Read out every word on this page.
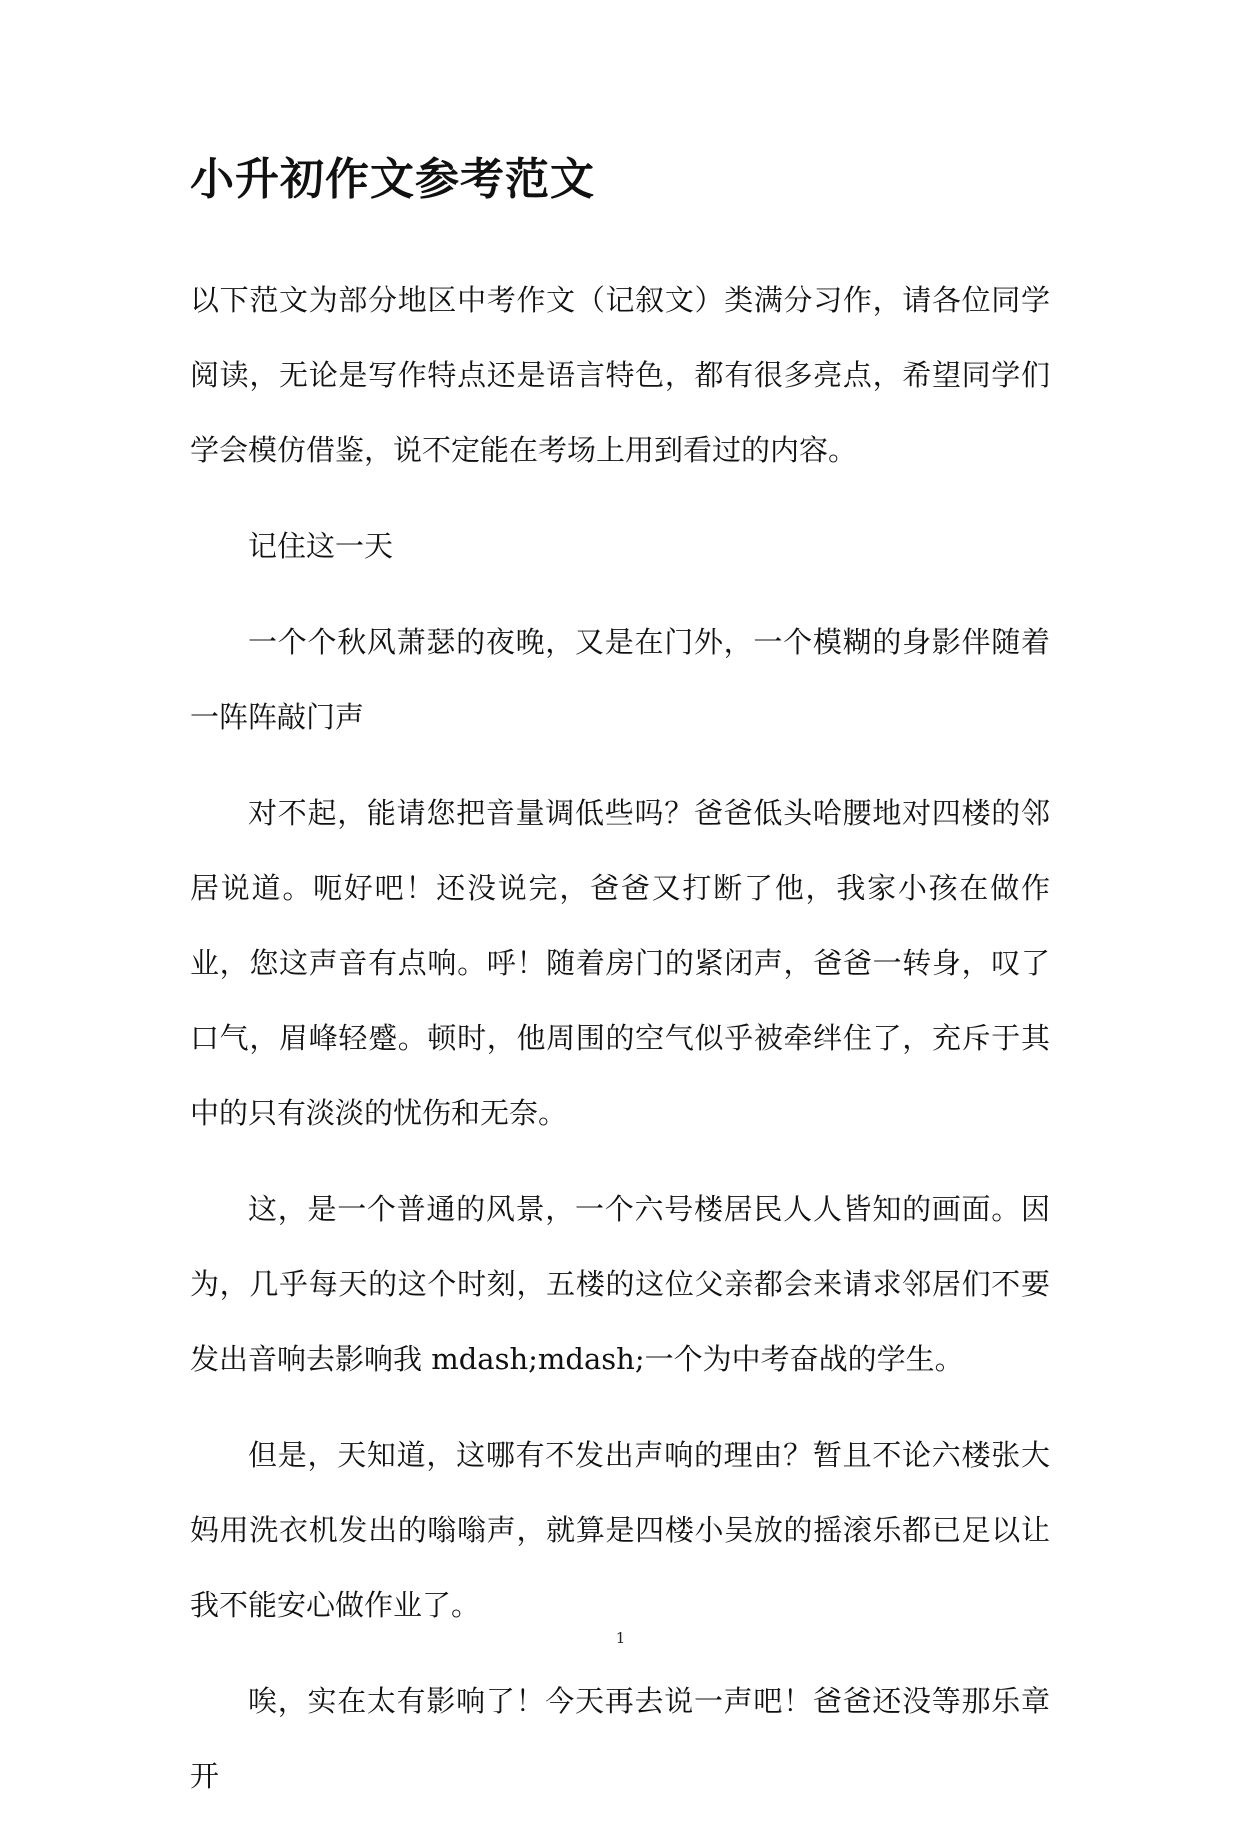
小升初作文参考范文

以下范文为部分地区中考作文（记叙文）类满分习作，请各位同学阅读，无论是写作特点还是语言特色，都有很多亮点，希望同学们学会模仿借鉴，说不定能在考场上用到看过的内容。

记住这一天

一个个秋风萧瑟的夜晚，又是在门外，一个模糊的身影伴随着一阵阵敲门声

对不起，能请您把音量调低些吗？爸爸低头哈腰地对四楼的邻居说道。呃好吧！还没说完，爸爸又打断了他，我家小孩在做作业，您这声音有点响。呼！随着房门的紧闭声，爸爸一转身，叹了口气，眉峰轻蹙。顿时，他周围的空气似乎被牵绊住了，充斥于其中的只有淡淡的忧伤和无奈。

这，是一个普通的风景，一个六号楼居民人人皆知的画面。因为，几乎每天的这个时刻，五楼的这位父亲都会来请求邻居们不要发出音响去影响我 mdash;mdash;一个为中考奋战的学生。

但是，天知道，这哪有不发出声响的理由？暂且不论六楼张大妈用洗衣机发出的嗡嗡声，就算是四楼小吴放的摇滚乐都已足以让我不能安心做作业了。

唉，实在太有影响了！今天再去说一声吧！爸爸还没等那乐章开

1
